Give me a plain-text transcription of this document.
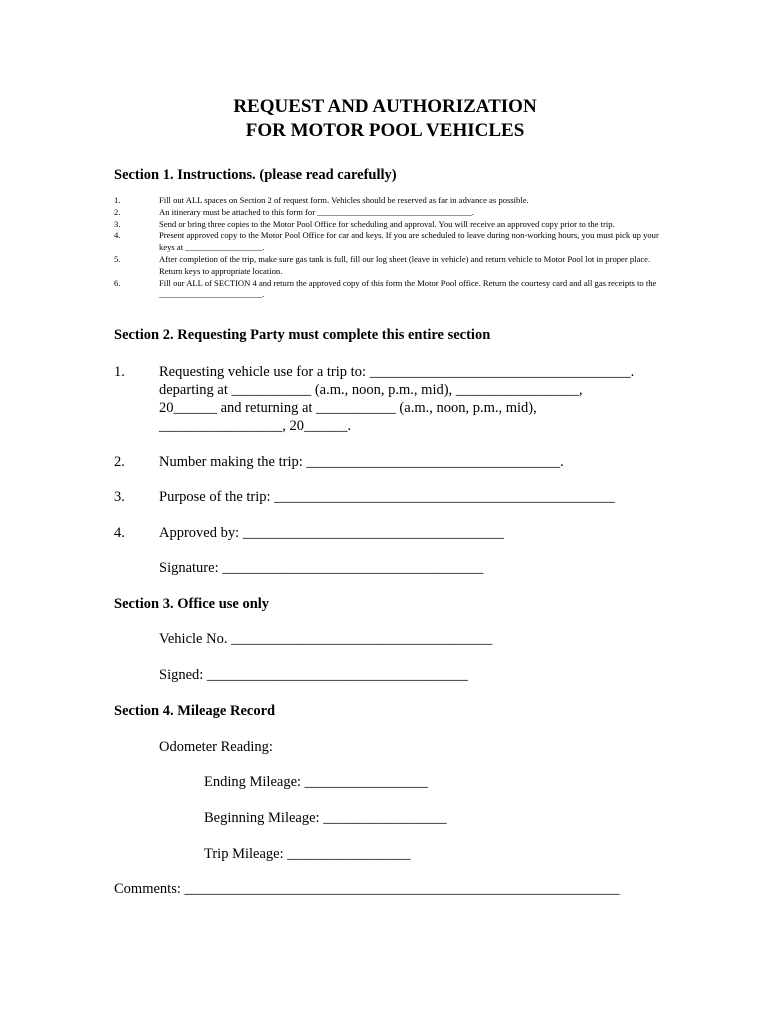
REQUEST AND AUTHORIZATION
FOR MOTOR POOL VEHICLES
Section 1. Instructions. (please read carefully)
1.	Fill out ALL spaces on Section 2 of request form. Vehicles should be reserved as far in advance as possible.
2.	An itinerary must be attached to this form for ____________________________________.
3.	Send or bring three copies to the Motor Pool Office for scheduling and approval. You will receive an approved copy prior to the trip.
4.	Present approved copy to the Motor Pool Office for car and keys. If you are scheduled to leave during non-working hours, you must pick up your keys at __________________.
5.	After completion of the trip, make sure gas tank is full, fill our log sheet (leave in vehicle) and return vehicle to Motor Pool lot in proper place. Return keys to appropriate location.
6.	Fill our ALL of SECTION 4 and return the approved copy of this form the Motor Pool office. Return the courtesy card and all gas receipts to the ________________________.
Section 2. Requesting Party must complete this entire section
1. Requesting vehicle use for a trip to: ____________________________________.
departing at ___________ (a.m., noon, p.m., mid), _________________,
20______ and returning at ___________ (a.m., noon, p.m., mid),
_________________, 20______.
2. Number making the trip: ___________________________________.
3. Purpose of the trip: _______________________________________________
4. Approved by: ____________________________________
Signature: ____________________________________
Section 3. Office use only
Vehicle No. ____________________________________
Signed: ____________________________________
Section 4. Mileage Record
Odometer Reading:
Ending Mileage: _________________
Beginning Mileage: _________________
Trip Mileage: _________________
Comments: ____________________________________________________________
